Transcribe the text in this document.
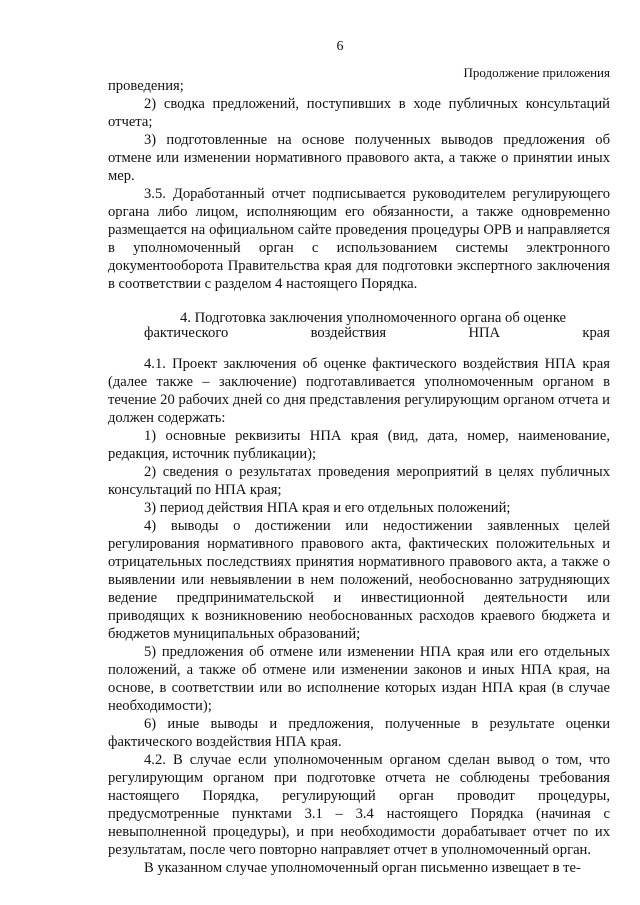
6
Продолжение приложения

проведения;

2) сводка предложений, поступивших в ходе публичных консультаций отчета;

3) подготовленные на основе полученных выводов предложения об отмене или изменении нормативного правового акта, а также о принятии иных мер.

3.5. Доработанный отчет подписывается руководителем регулирующего органа либо лицом, исполняющим его обязанности, а также одновременно размещается на официальном сайте проведения процедуры ОРВ и направляется в уполномоченный орган с использованием системы электронного документооборота Правительства края для подготовки экспертного заключения в соответствии с разделом 4 настоящего Порядка.

4. Подготовка заключения уполномоченного органа об оценке фактического воздействия НПА края

4.1. Проект заключения об оценке фактического воздействия НПА края (далее также – заключение) подготавливается уполномоченным органом в течение 20 рабочих дней со дня представления регулирующим органом отчета и должен содержать:

1) основные реквизиты НПА края (вид, дата, номер, наименование, редакция, источник публикации);

2) сведения о результатах проведения мероприятий в целях публичных консультаций по НПА края;

3) период действия НПА края и его отдельных положений;

4) выводы о достижении или недостижении заявленных целей регулирования нормативного правового акта, фактических положительных и отрицательных последствиях принятия нормативного правового акта, а также о выявлении или невыявлении в нем положений, необоснованно затрудняющих ведение предпринимательской и инвестиционной деятельности или приводящих к возникновению необоснованных расходов краевого бюджета и бюджетов муниципальных образований;

5) предложения об отмене или изменении НПА края или его отдельных положений, а также об отмене или изменении законов и иных НПА края, на основе, в соответствии или во исполнение которых издан НПА края (в случае необходимости);

6) иные выводы и предложения, полученные в результате оценки фактического воздействия НПА края.

4.2. В случае если уполномоченным органом сделан вывод о том, что регулирующим органом при подготовке отчета не соблюдены требования настоящего Порядка, регулирующий орган проводит процедуры, предусмотренные пунктами 3.1 – 3.4 настоящего Порядка (начиная с невыполненной процедуры), и при необходимости дорабатывает отчет по их результатам, после чего повторно направляет отчет в уполномоченный орган.

В указанном случае уполномоченный орган письменно извещает в те-
